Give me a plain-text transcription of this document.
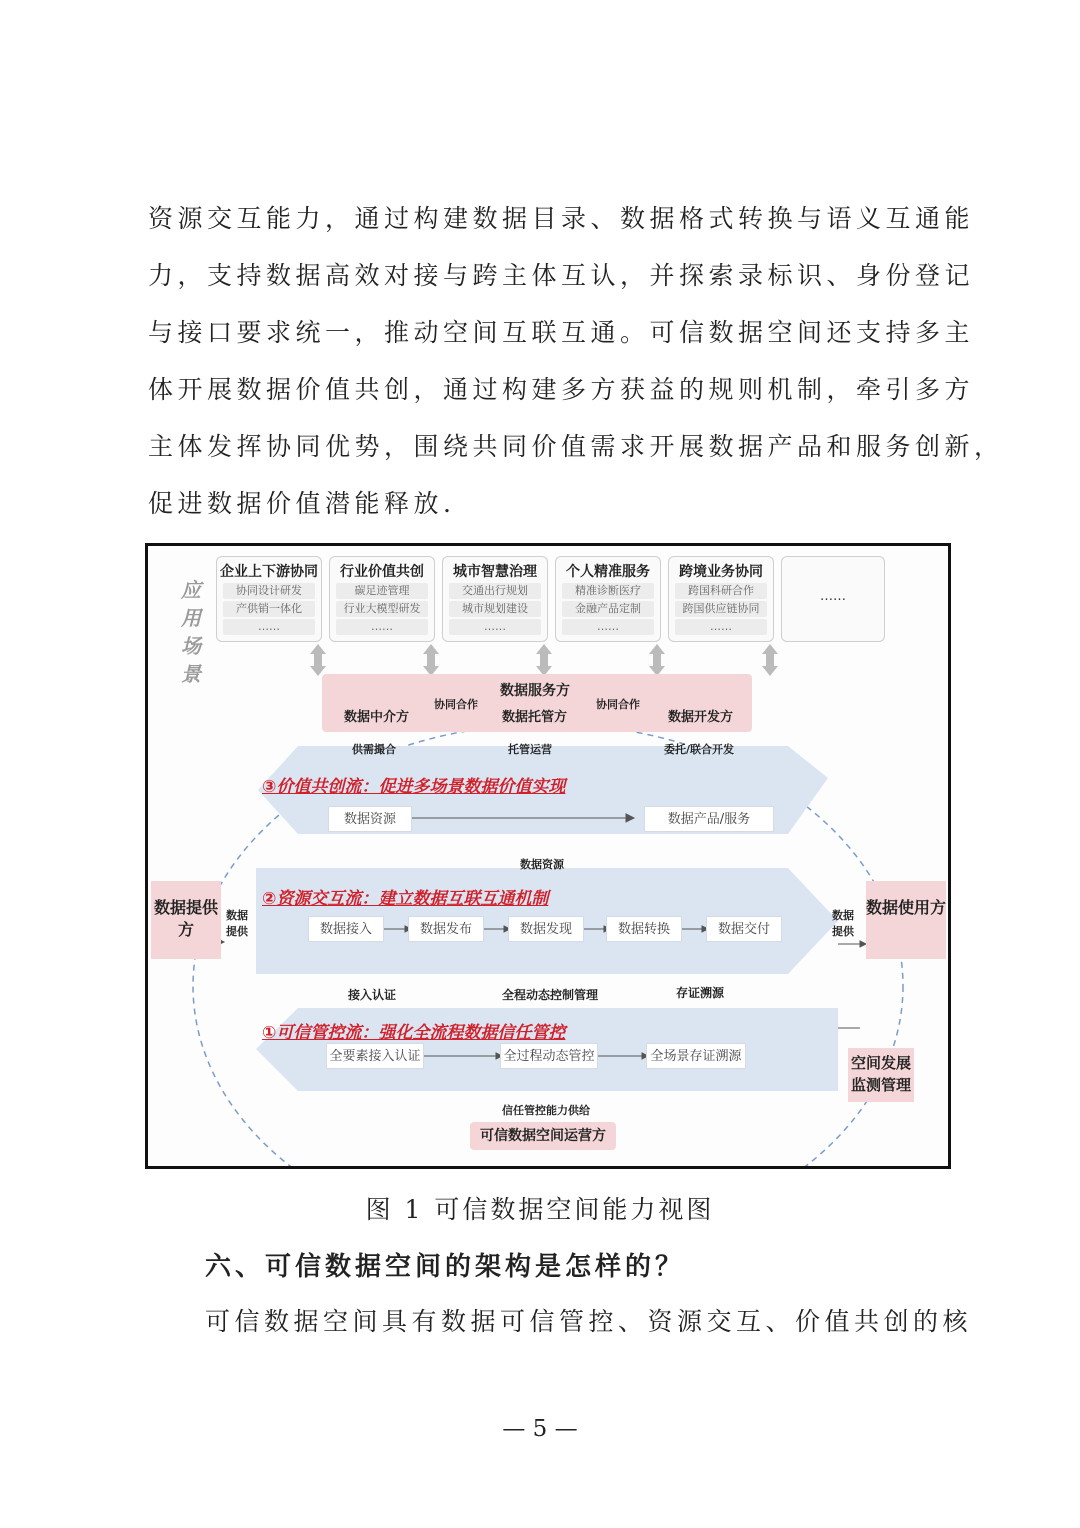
资源交互能力，通过构建数据目录、数据格式转换与语义互通能
力，支持数据高效对接与跨主体互认，并探索录标识、身份登记
与接口要求统一，推动空间互联互通。可信数据空间还支持多主
体开展数据价值共创，通过构建多方获益的规则机制，牵引多方
主体发挥协同优势，围绕共同价值需求开展数据产品和服务创新，
促进数据价值潜能释放.
应用场景
企业上下游协同
协同设计研发
产供销一体化
……
行业价值共创
碳足迹管理
行业大模型研发
……
城市智慧治理
交通出行规划
城市规划建设
……
个人精准服务
精准诊断医疗
金融产品定制
……
跨境业务协同
跨国科研合作
跨国供应链协同
……
……
数据服务方
数据中介方
协同合作
数据托管方
协同合作
数据开发方
供需撮合	托管运营	委托/联合开发
③价值共创流：促进多场景数据价值实现
数据资源	数据产品/服务
数据资源
②资源交互流：建立数据互联互通机制
数据接入	数据发布	数据发现	数据转换	数据交付
数据提供方
数据提供
数据提供
数据使用方
接入认证	全程动态控制管理	存证溯源
①可信管控流：强化全流程数据信任管控
全要素接入认证	全过程动态管控	全场景存证溯源	空间发展监测管理
信任管控能力供给
可信数据空间运营方
图 1 可信数据空间能力视图
六、可信数据空间的架构是怎样的？
可信数据空间具有数据可信管控、资源交互、价值共创的核
— 5 —
